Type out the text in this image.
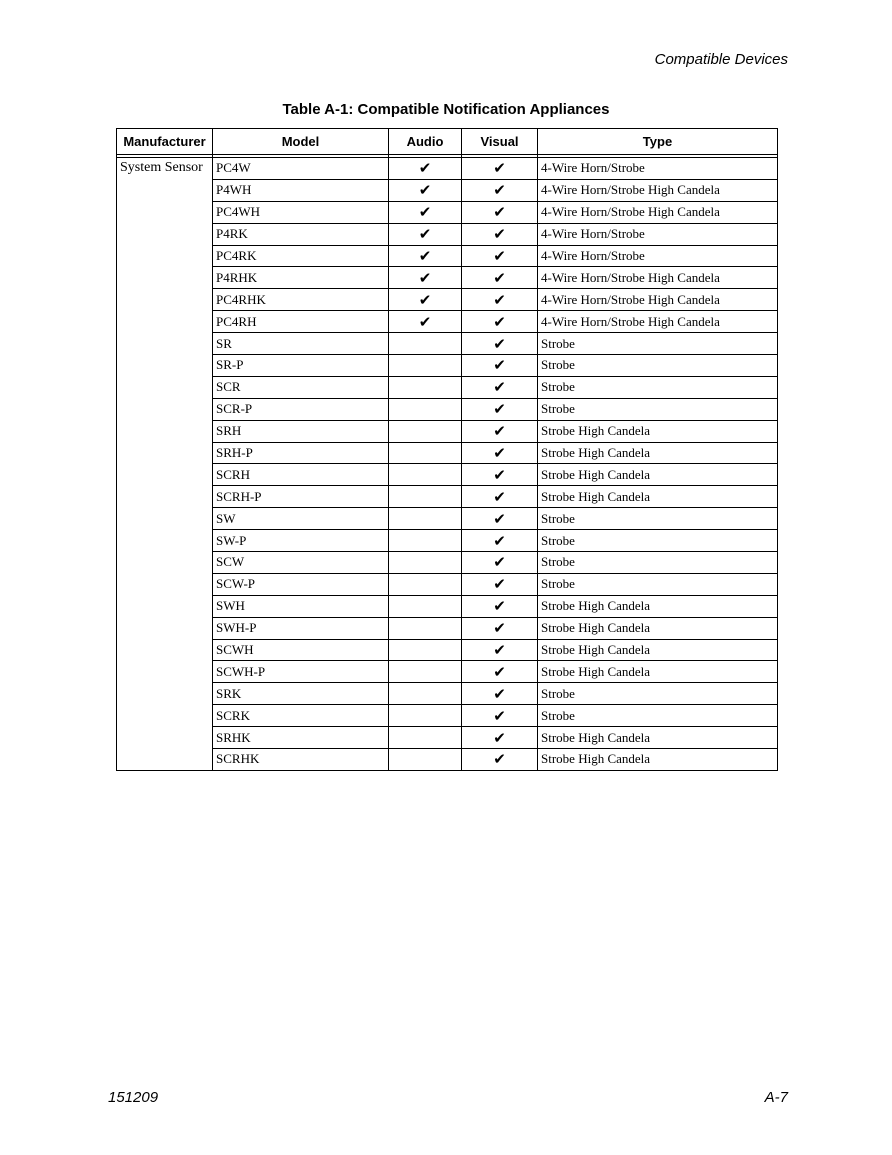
Compatible Devices
Table A-1: Compatible Notification Appliances
Manufacturer	Model	Audio	Visual	Type

System Sensor	PC4W	✔	✔	4-Wire Horn/Strobe
	P4WH	✔	✔	4-Wire Horn/Strobe High Candela
	PC4WH	✔	✔	4-Wire Horn/Strobe High Candela
	P4RK	✔	✔	4-Wire Horn/Strobe
	PC4RK	✔	✔	4-Wire Horn/Strobe
	P4RHK	✔	✔	4-Wire Horn/Strobe High Candela
	PC4RHK	✔	✔	4-Wire Horn/Strobe High Candela
	PC4RH	✔	✔	4-Wire Horn/Strobe High Candela
	SR		✔	Strobe
	SR-P		✔	Strobe
	SCR		✔	Strobe
	SCR-P		✔	Strobe
	SRH		✔	Strobe High Candela
	SRH-P		✔	Strobe High Candela
	SCRH		✔	Strobe High Candela
	SCRH-P		✔	Strobe High Candela
	SW		✔	Strobe
	SW-P		✔	Strobe
	SCW		✔	Strobe
	SCW-P		✔	Strobe
	SWH		✔	Strobe High Candela
	SWH-P		✔	Strobe High Candela
	SCWH		✔	Strobe High Candela
	SCWH-P		✔	Strobe High Candela
	SRK		✔	Strobe
	SCRK		✔	Strobe
	SRHK		✔	Strobe High Candela
	SCRHK		✔	Strobe High Candela
151209	A-7
